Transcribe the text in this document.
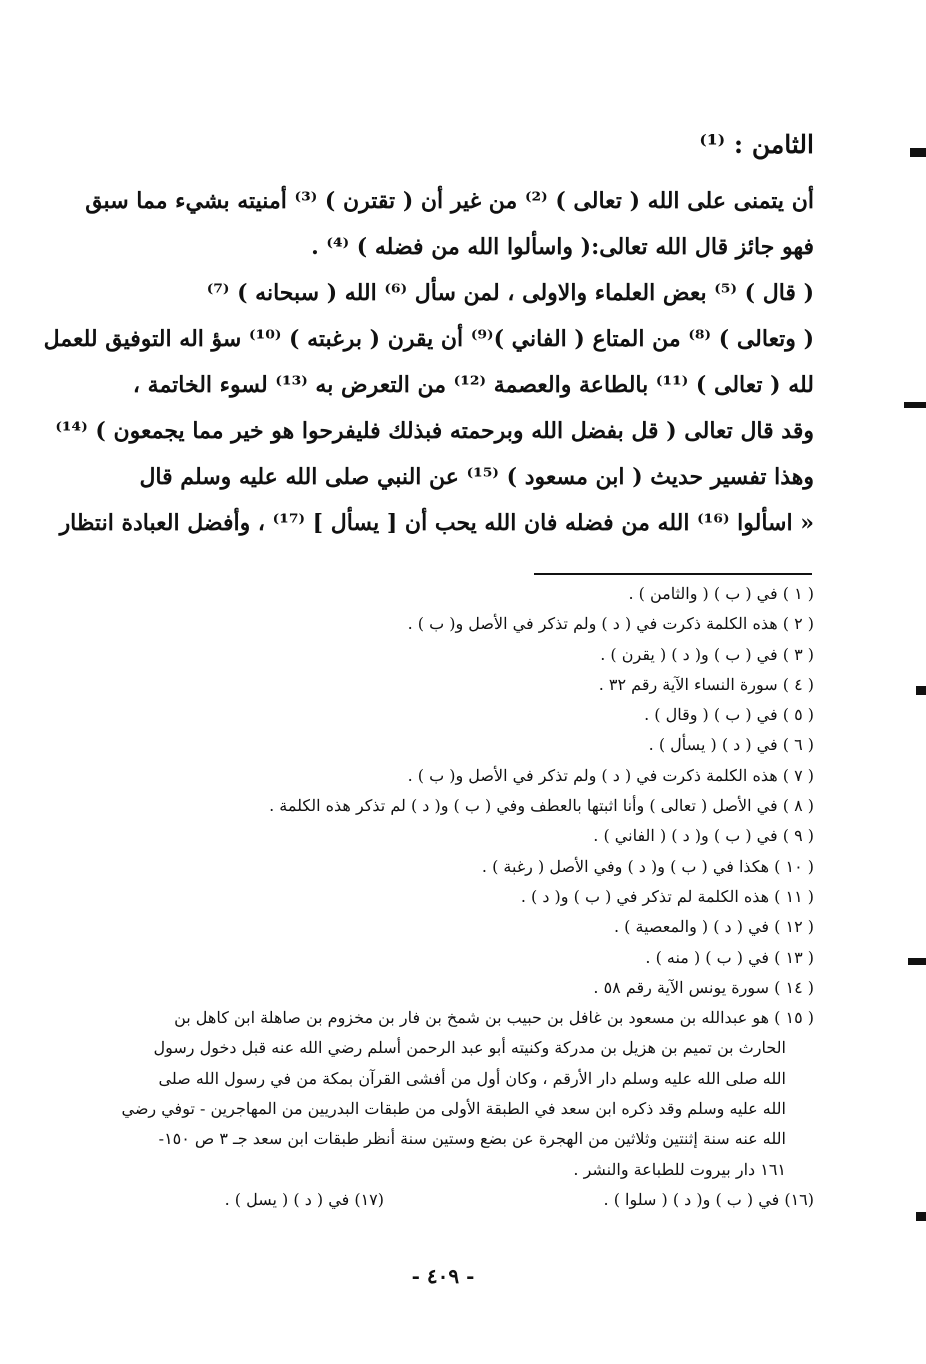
الثامن : ⁽¹⁾
أن يتمنى على الله ( تعالى ) ⁽²⁾ من غير أن ( تقترن ) ⁽³⁾ أمنيته بشيء مما سبق
فهو جائز قال الله تعالى:( واسألوا الله من فضله ) ⁽⁴⁾ .
( قال ) ⁽⁵⁾ بعض العلماء والاولى ، لمن سأل ⁽⁶⁾ الله ( سبحانه ) ⁽⁷⁾
( وتعالى ) ⁽⁸⁾ من المتاع ( الفاني )⁽⁹⁾ أن يقرن ( برغبته ) ⁽¹⁰⁾ سؤ اله التوفيق للعمل
لله ( تعالى ) ⁽¹¹⁾ بالطاعة والعصمة ⁽¹²⁾ من التعرض به ⁽¹³⁾ لسوء الخاتمة ،
وقد قال تعالى ( قل بفضل الله وبرحمته فبذلك فليفرحوا هو خير مما يجمعون ) ⁽¹⁴⁾
وهذا تفسير حديث ( ابن مسعود ) ⁽¹⁵⁾ عن النبي صلى الله عليه وسلم قال
« اسألوا ⁽¹⁶⁾ الله من فضله فان الله يحب أن [ يسأل ] ⁽¹⁷⁾ ، وأفضل العبادة انتظار
( ١ ) في ( ب ) ( والثامن ) .
( ٢ ) هذه الكلمة ذكرت في ( د ) ولم تذكر في الأصل و( ب ) .
( ٣ ) في ( ب ) و( د ) ( يقرن ) .
( ٤ ) سورة النساء الآية رقم ٣٢ .
( ٥ ) في ( ب ) ( وقال ) .
( ٦ ) في ( د ) ( يسأل ) .
( ٧ ) هذه الكلمة ذكرت في ( د ) ولم تذكر في الأصل و( ب ) .
( ٨ ) في الأصل ( تعالى ) وأنا اثبتها بالعطف وفي ( ب ) و( د ) لم تذكر هذه الكلمة .
( ٩ ) في ( ب ) و( د ) ( الفاني ) .
( ١٠ ) هكذا في ( ب ) و( د ) وفي الأصل ( رغبة ) .
( ١١ ) هذه الكلمة لم تذكر في ( ب ) و( د ) .
( ١٢ ) في ( د ) ( والمعصية ) .
( ١٣ ) في ( ب ) ( منه ) .
( ١٤ ) سورة يونس الآية رقم ٥٨ .
( ١٥ ) هو عبدالله بن مسعود بن غافل بن حبيب بن شمخ بن فار بن مخزوم بن صاهلة ابن كاهل بن
الحارث بن تميم بن هزيل بن مدركة وكنيته أبو عبد الرحمن أسلم رضي الله عنه قبل دخول رسول
الله صلى الله عليه وسلم دار الأرقم ، وكان أول من أفشى القرآن بمكة من في رسول الله صلى
الله عليه وسلم وقد ذكره ابن سعد في الطبقة الأولى من طبقات البدريين من المهاجرين - توفي رضي
الله عنه سنة إثنتين وثلاثين من الهجرة عن بضع وستين سنة أنظر طبقات ابن سعد جـ ٣ ص ١٥٠-
١٦١ دار بيروت للطباعة والنشر .
(١٦) في ( ب ) و( د ) ( سلوا ) .
(١٧) في ( د ) ( يسل ) .
- ٤٠٩ -
